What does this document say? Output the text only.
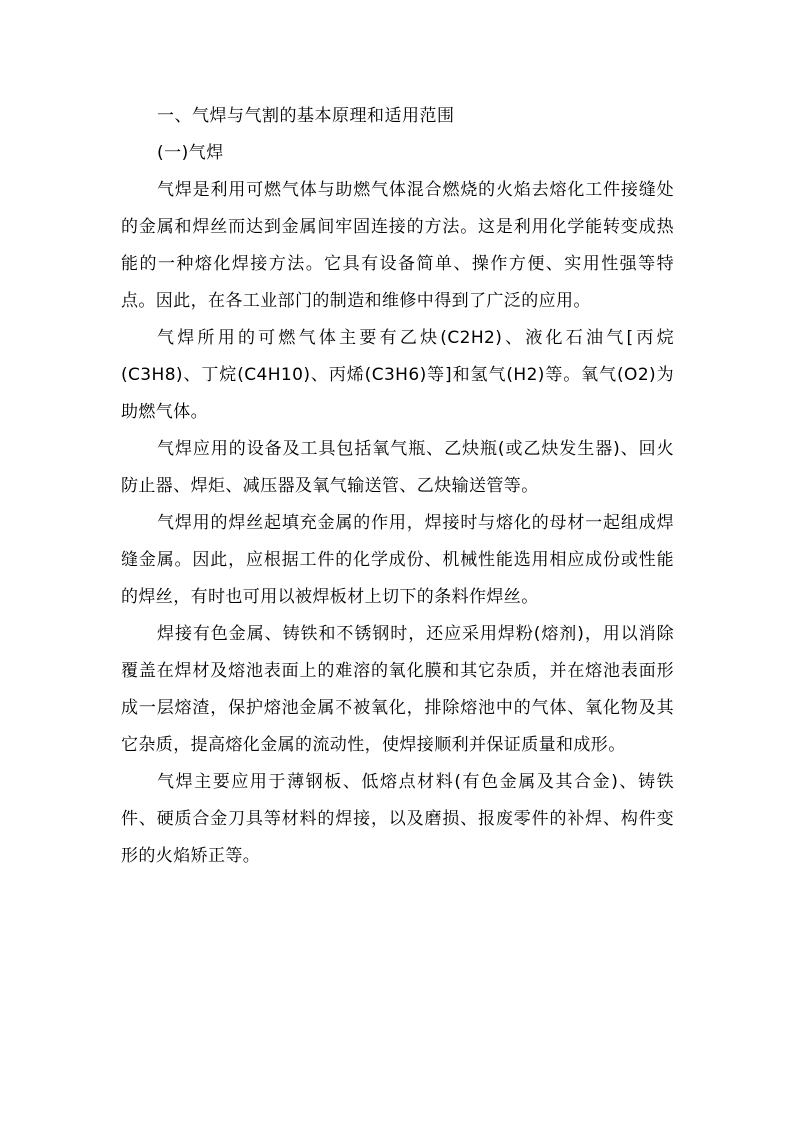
一、气焊与气割的基本原理和适用范围

(一)气焊

气焊是利用可燃气体与助燃气体混合燃烧的火焰去熔化工件接缝处的金属和焊丝而达到金属间牢固连接的方法。这是利用化学能转变成热能的一种熔化焊接方法。它具有设备简单、操作方便、实用性强等特点。因此，在各工业部门的制造和维修中得到了广泛的应用。

气焊所用的可燃气体主要有乙炔(C2H2)、液化石油气[丙烷(C3H8)、丁烷(C4H10)、丙烯(C3H6)等]和氢气(H2)等。氧气(O2)为助燃气体。

气焊应用的设备及工具包括氧气瓶、乙炔瓶(或乙炔发生器)、回火防止器、焊炬、减压器及氧气输送管、乙炔输送管等。

气焊用的焊丝起填充金属的作用，焊接时与熔化的母材一起组成焊缝金属。因此，应根据工件的化学成份、机械性能选用相应成份或性能的焊丝，有时也可用以被焊板材上切下的条料作焊丝。

焊接有色金属、铸铁和不锈钢时，还应采用焊粉(熔剂)，用以消除覆盖在焊材及熔池表面上的难溶的氧化膜和其它杂质，并在熔池表面形成一层熔渣，保护熔池金属不被氧化，排除熔池中的气体、氧化物及其它杂质，提高熔化金属的流动性，使焊接顺利并保证质量和成形。

气焊主要应用于薄钢板、低熔点材料(有色金属及其合金)、铸铁件、硬质合金刀具等材料的焊接，以及磨损、报废零件的补焊、构件变形的火焰矫正等。
